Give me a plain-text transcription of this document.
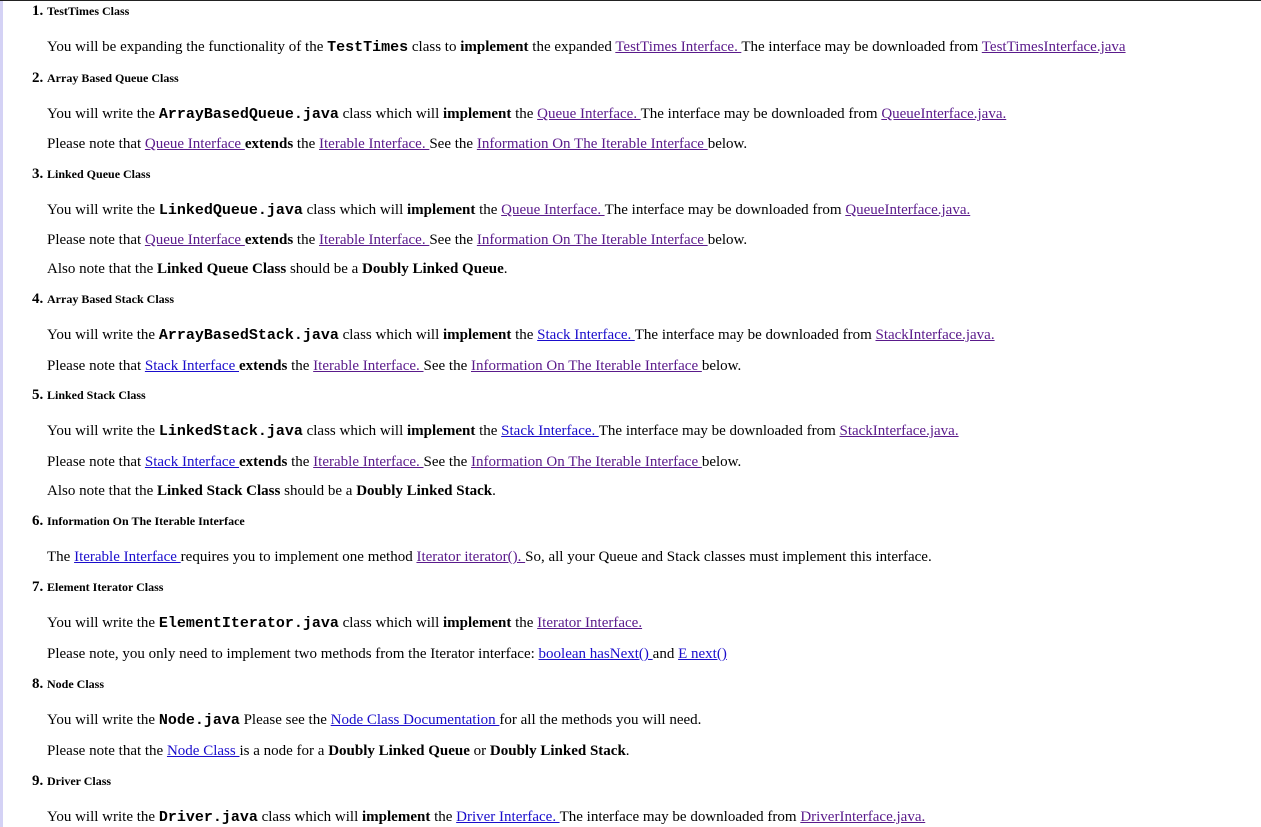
1. TestTimes Class

You will be expanding the functionality of the TestTimes class to implement the expanded TestTimes Interface. The interface may be downloaded from TestTimesInterface.java

2. Array Based Queue Class

You will write the ArrayBasedQueue.java class which will implement the Queue Interface. The interface may be downloaded from QueueInterface.java.

Please note that Queue Interface extends the Iterable Interface. See the Information On The Iterable Interface below.

3. Linked Queue Class

You will write the LinkedQueue.java class which will implement the Queue Interface. The interface may be downloaded from QueueInterface.java.

Please note that Queue Interface extends the Iterable Interface. See the Information On The Iterable Interface below.

Also note that the Linked Queue Class should be a Doubly Linked Queue.

4. Array Based Stack Class

You will write the ArrayBasedStack.java class which will implement the Stack Interface. The interface may be downloaded from StackInterface.java.

Please note that Stack Interface extends the Iterable Interface. See the Information On The Iterable Interface below.

5. Linked Stack Class

You will write the LinkedStack.java class which will implement the Stack Interface. The interface may be downloaded from StackInterface.java.

Please note that Stack Interface extends the Iterable Interface. See the Information On The Iterable Interface below.

Also note that the Linked Stack Class should be a Doubly Linked Stack.

6. Information On The Iterable Interface

The Iterable Interface requires you to implement one method Iterator iterator(). So, all your Queue and Stack classes must implement this interface.

7. Element Iterator Class

You will write the ElementIterator.java class which will implement the Iterator Interface.

Please note, you only need to implement two methods from the Iterator interface: boolean hasNext() and E next()

8. Node Class

You will write the Node.java Please see the Node Class Documentation for all the methods you will need.

Please note that the Node Class is a node for a Doubly Linked Queue or Doubly Linked Stack.

9. Driver Class

You will write the Driver.java class which will implement the Driver Interface. The interface may be downloaded from DriverInterface.java.
